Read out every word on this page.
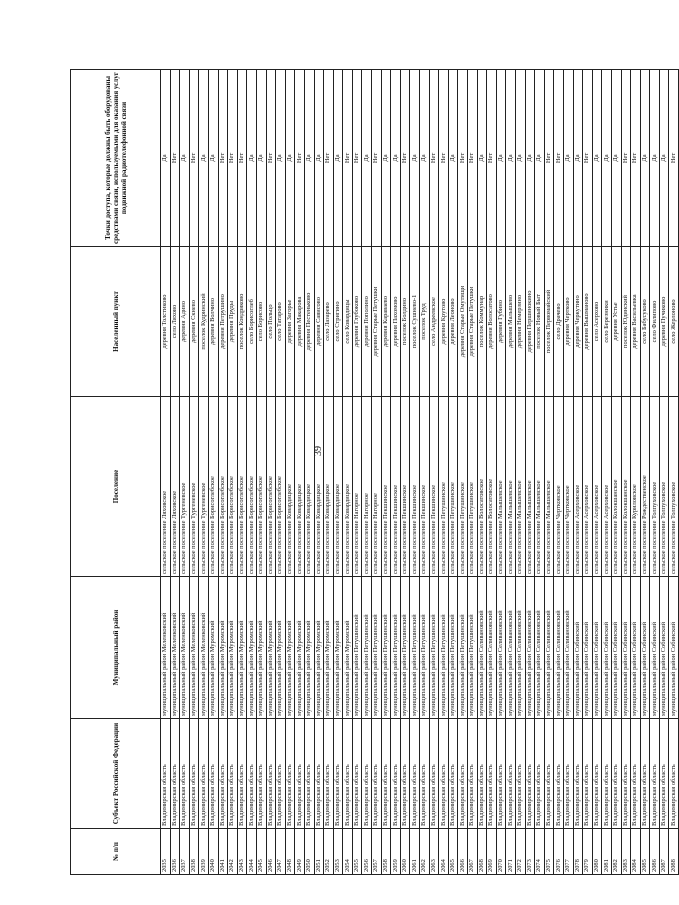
39
№ п/п	Субъект Российской Федерации	Муниципальный район	Поселение	Населенный пункт	Точки доступа, которые должны быть оборудованы средствами связи, используемыми для оказания услуг подвижной радиотелефонной связи
2035	Владимирская область	муниципальный район Меленковский	сельское поселение Ляховское	деревня Толстиково	Да
2036	Владимирская область	муниципальный район Меленковский	сельское поселение Ляховское	село Ляхово	Нет
2037	Владимирская область	муниципальный район Меленковский	сельское поселение Тургеневское	деревня Адино	Да
2038	Владимирская область	муниципальный район Меленковский	сельское поселение Тургеневское	деревня Скнево	Нет
2039	Владимирская область	муниципальный район Меленковский	сельское поселение Тургеневское	поселок Кудринский	Да
2040	Владимирская область	муниципальный район Муромский	сельское поселение Борисоглебское	деревня Волчино	Да
2041	Владимирская область	муниципальный район Муромский	сельское поселение Борисоглебское	деревня Петрушино	Нет
2042	Владимирская область	муниципальный район Муромский	сельское поселение Борисоглебское	деревня Пруды	Нет
2043	Владимирская область	муниципальный район Муромский	сельское поселение Борисоглебское	поселок Кондряково	Нет
2044	Владимирская область	муниципальный район Муромский	сельское поселение Борисоглебское	село Борисоглеб	Да
2045	Владимирская область	муниципальный район Муромский	сельское поселение Борисоглебское	село Борисово	Да
2046	Владимирская область	муниципальный район Муромский	сельское поселение Борисоглебское	село Польцо	Нет
2047	Владимирская область	муниципальный район Муромский	сельское поселение Борисоглебское	село Татарово	Да
2048	Владимирская область	муниципальный район Муромский	сельское поселение Ковардицкое	деревня Загорье	Да
2049	Владимирская область	муниципальный район Муромский	сельское поселение Ковардицкое	деревня Макарова	Нет
2050	Владимирская область	муниципальный район Муромский	сельское поселение Ковардицкое	деревня Пестеньково	Да
2051	Владимирская область	муниципальный район Муромский	сельское поселение Ковардицкое	деревня Сависово	Да
2052	Владимирская область	муниципальный район Муромский	сельское поселение Ковардицкое	село Лазарево	Нет
2053	Владимирская область	муниципальный район Муромский	сельское поселение Ковардицкое	село Стригино	Да
2054	Владимирская область	муниципальный район Муромский	сельское поселение Ковардицкое	село Ковардицы	Нет
2055	Владимирская область	муниципальный район Петушинский	сельское поселение Нагорное	деревня Глубоково	Нет
2056	Владимирская область	муниципальный район Петушинский	сельское поселение Нагорное	деревня Пополино	Да
2057	Владимирская область	муниципальный район Петушинский	сельское поселение Нагорное	деревня Старые Петушки	Нет
2058	Владимирская область	муниципальный район Петушинский	сельское поселение Пекшинское	деревня Караваево	Да
2059	Владимирская область	муниципальный район Петушинский	сельское поселение Пекшинское	деревня Пахомово	Да
2060	Владимирская область	муниципальный район Петушинский	сельское поселение Пекшинское	поселок Болдино	Нет
2061	Владимирская область	муниципальный район Петушинский	сельское поселение Пекшинское	поселок Сушнево-1	Да
2062	Владимирская область	муниципальный район Петушинский	сельское поселение Пекшинское	поселок Труд	Да
2063	Владимирская область	муниципальный район Петушинский	сельское поселение Пекшинское	село Андреевское	Нет
2064	Владимирская область	муниципальный район Петушинский	сельское поселение Петушинское	деревня Крутово	Нет
2065	Владимирская область	муниципальный район Петушинский	сельское поселение Петушинское	деревня Леоново	Да
2066	Владимирская область	муниципальный район Петушинский	сельское поселение Петушинское	деревня Старые Омутищи	Нет
2067	Владимирская область	муниципальный район Петушинский	сельское поселение Петушинское	деревня Старые Петушки	Нет
2068	Владимирская область	муниципальный район Селивановский	сельское поселение Волосатовское	поселок Коммунар	Да
2069	Владимирская область	муниципальный район Селивановский	сельское поселение Волосатовское	деревня Волосатово	Нет
2070	Владимирская область	муниципальный район Селивановский	сельское поселение Малышевское	деревня Губино	Да
2071	Владимирская область	муниципальный район Селивановский	сельское поселение Малышевское	деревня Малышево	Да
2072	Владимирская область	муниципальный район Селивановский	сельское поселение Малышевское	деревня Немерзино	Да
2073	Владимирская область	муниципальный район Селивановский	сельское поселение Малышевское	деревня Першинокино	Да
2074	Владимирская область	муниципальный район Селивановский	сельское поселение Малышевское	поселок Новый Быт	Да
2075	Владимирская область	муниципальный район Селивановский	сельское поселение Малышевское	поселок Первомайский	Нет
2076	Владимирская область	муниципальный район Селивановский	сельское поселение Чертковское	село Драчево	Нет
2077	Владимирская область	муниципальный район Селивановский	сельское поселение Чертковское	деревня Чертково	Да
2078	Владимирская область	муниципальный район Собинский	сельское поселение Асерховское	деревня Черкутино	Да
2079	Владимирская область	муниципальный район Собинский	сельское поселение Асерховское	деревня Вышманово	Нет
2080	Владимирская область	муниципальный район Собинский	сельское поселение Асерховское	село Асерхово	Да
2081	Владимирская область	муниципальный район Собинский	сельское поселение Асерховское	село Березники	Да
2082	Владимирская область	муниципальный район Собинский	сельское поселение Колокшанское	деревня Устье	Да
2083	Владимирская область	муниципальный район Собинский	сельское поселение Колокшанское	поселок Юдинский	Нет
2084	Владимирская область	муниципальный район Собинский	сельское поселение Куриловское	деревня Васильевка	Нет
2085	Владимирская область	муниципальный район Собинский	сельское поселение Рождественское	село Бабусуково	Да
2086	Владимирская область	муниципальный район Собинский	сельское поселение Толпуховское	село Филипово	Да
2087	Владимирская область	муниципальный район Собинский	сельское поселение Толпуховское	деревня Пучиково	Да
2088	Владимирская область	муниципальный район Собинский	сельское поселение Толпуховское	село Жерлоново	Нет
